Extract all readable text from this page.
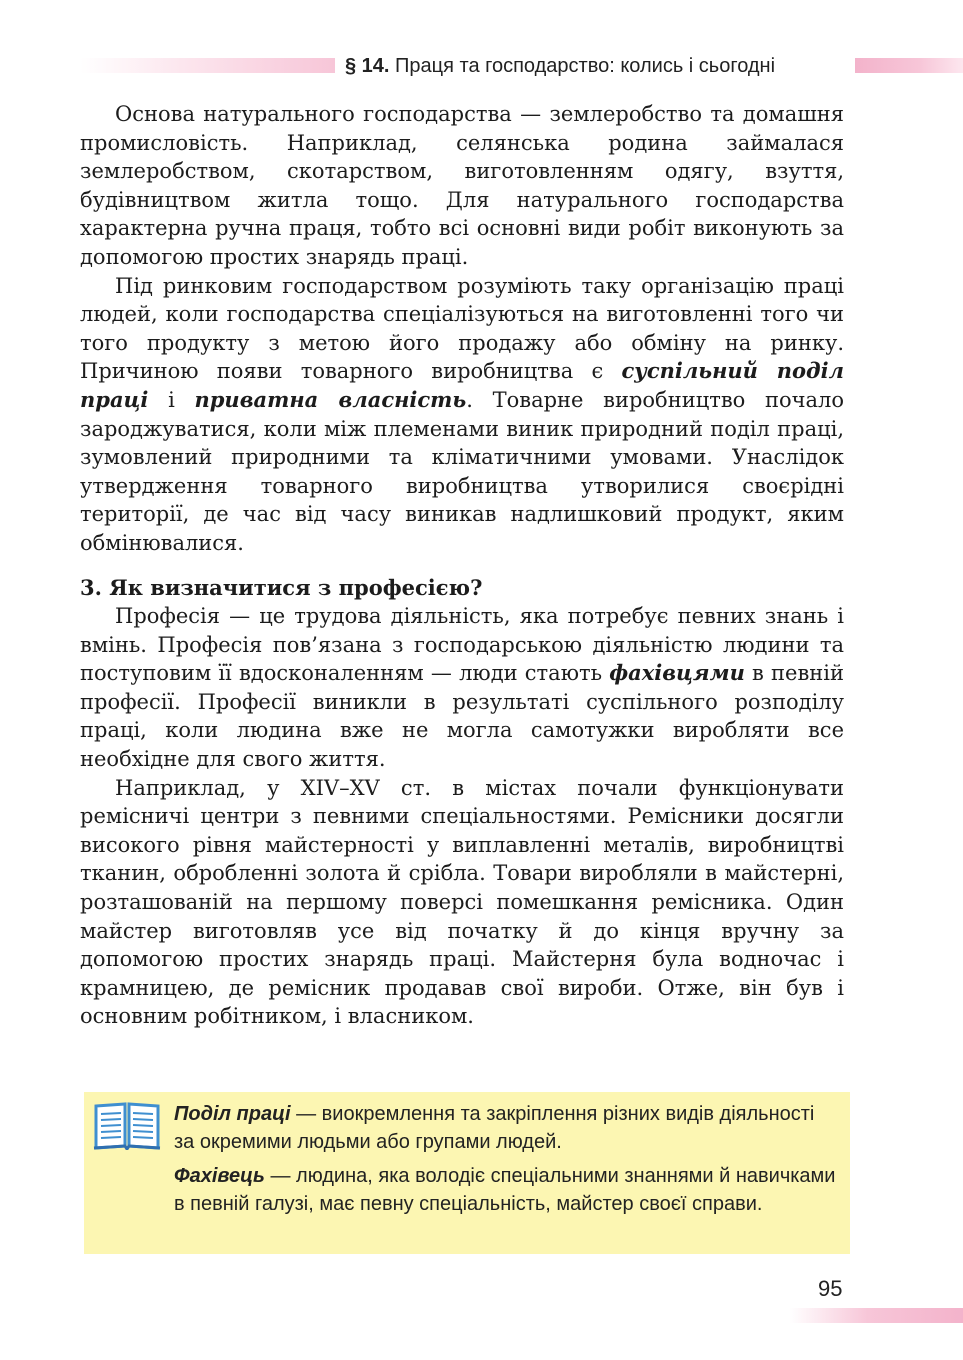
§ 14. Праця та господарство: колись і сьогодні

Основа натурального господарства — землеробство та домашня промисловість. Наприклад, селянська родина займалася землеробством, скотарством, виготовленням одягу, взуття, будівництвом житла тощо. Для натурального господарства характерна ручна праця, тобто всі основні види робіт виконують за допомогою простих знарядь праці.

Під ринковим господарством розуміють таку організацію праці людей, коли господарства спеціалізуються на виготовленні того чи того продукту з метою його продажу або обміну на ринку. Причиною появи товарного виробництва є суспільний поділ праці і приватна власність. Товарне виробництво почало зароджуватися, коли між племенами виник природний поділ праці, зумовлений природними та кліматичними умовами. Унаслідок утвердження товарного виробництва утворилися своєрідні території, де час від часу виникав надлишковий продукт, яким обмінювалися.

3. Як визначитися з професією?

Професія — це трудова діяльність, яка потребує певних знань і вмінь. Професія пов’язана з господарською діяльністю людини та поступовим її вдосконаленням — люди стають фахівцями в певній професії. Професії виникли в результаті суспільного розподілу праці, коли людина вже не могла самотужки виробляти все необхідне для свого життя.

Наприклад, у XIV–XV ст. в містах почали функціонувати ремісничі центри з певними спеціальностями. Ремісники досягли високого рівня майстерності у виплавленні металів, виробництві тканин, обробленні золота й срібла. Товари виробляли в майстерні, розташованій на першому поверсі помешкання ремісника. Один майстер виготовляв усе від початку й до кінця вручну за допомогою простих знарядь праці. Майстерня була водночас і крамницею, де ремісник продавав свої вироби. Отже, він був і основним робітником, і власником.

Поділ праці — виокремлення та закріплення різних видів діяльності за окремими людьми або групами людей.

Фахівець — людина, яка володіє спеціальними знаннями й навичками в певній галузі, має певну спеціальність, майстер своєї справи.

95
